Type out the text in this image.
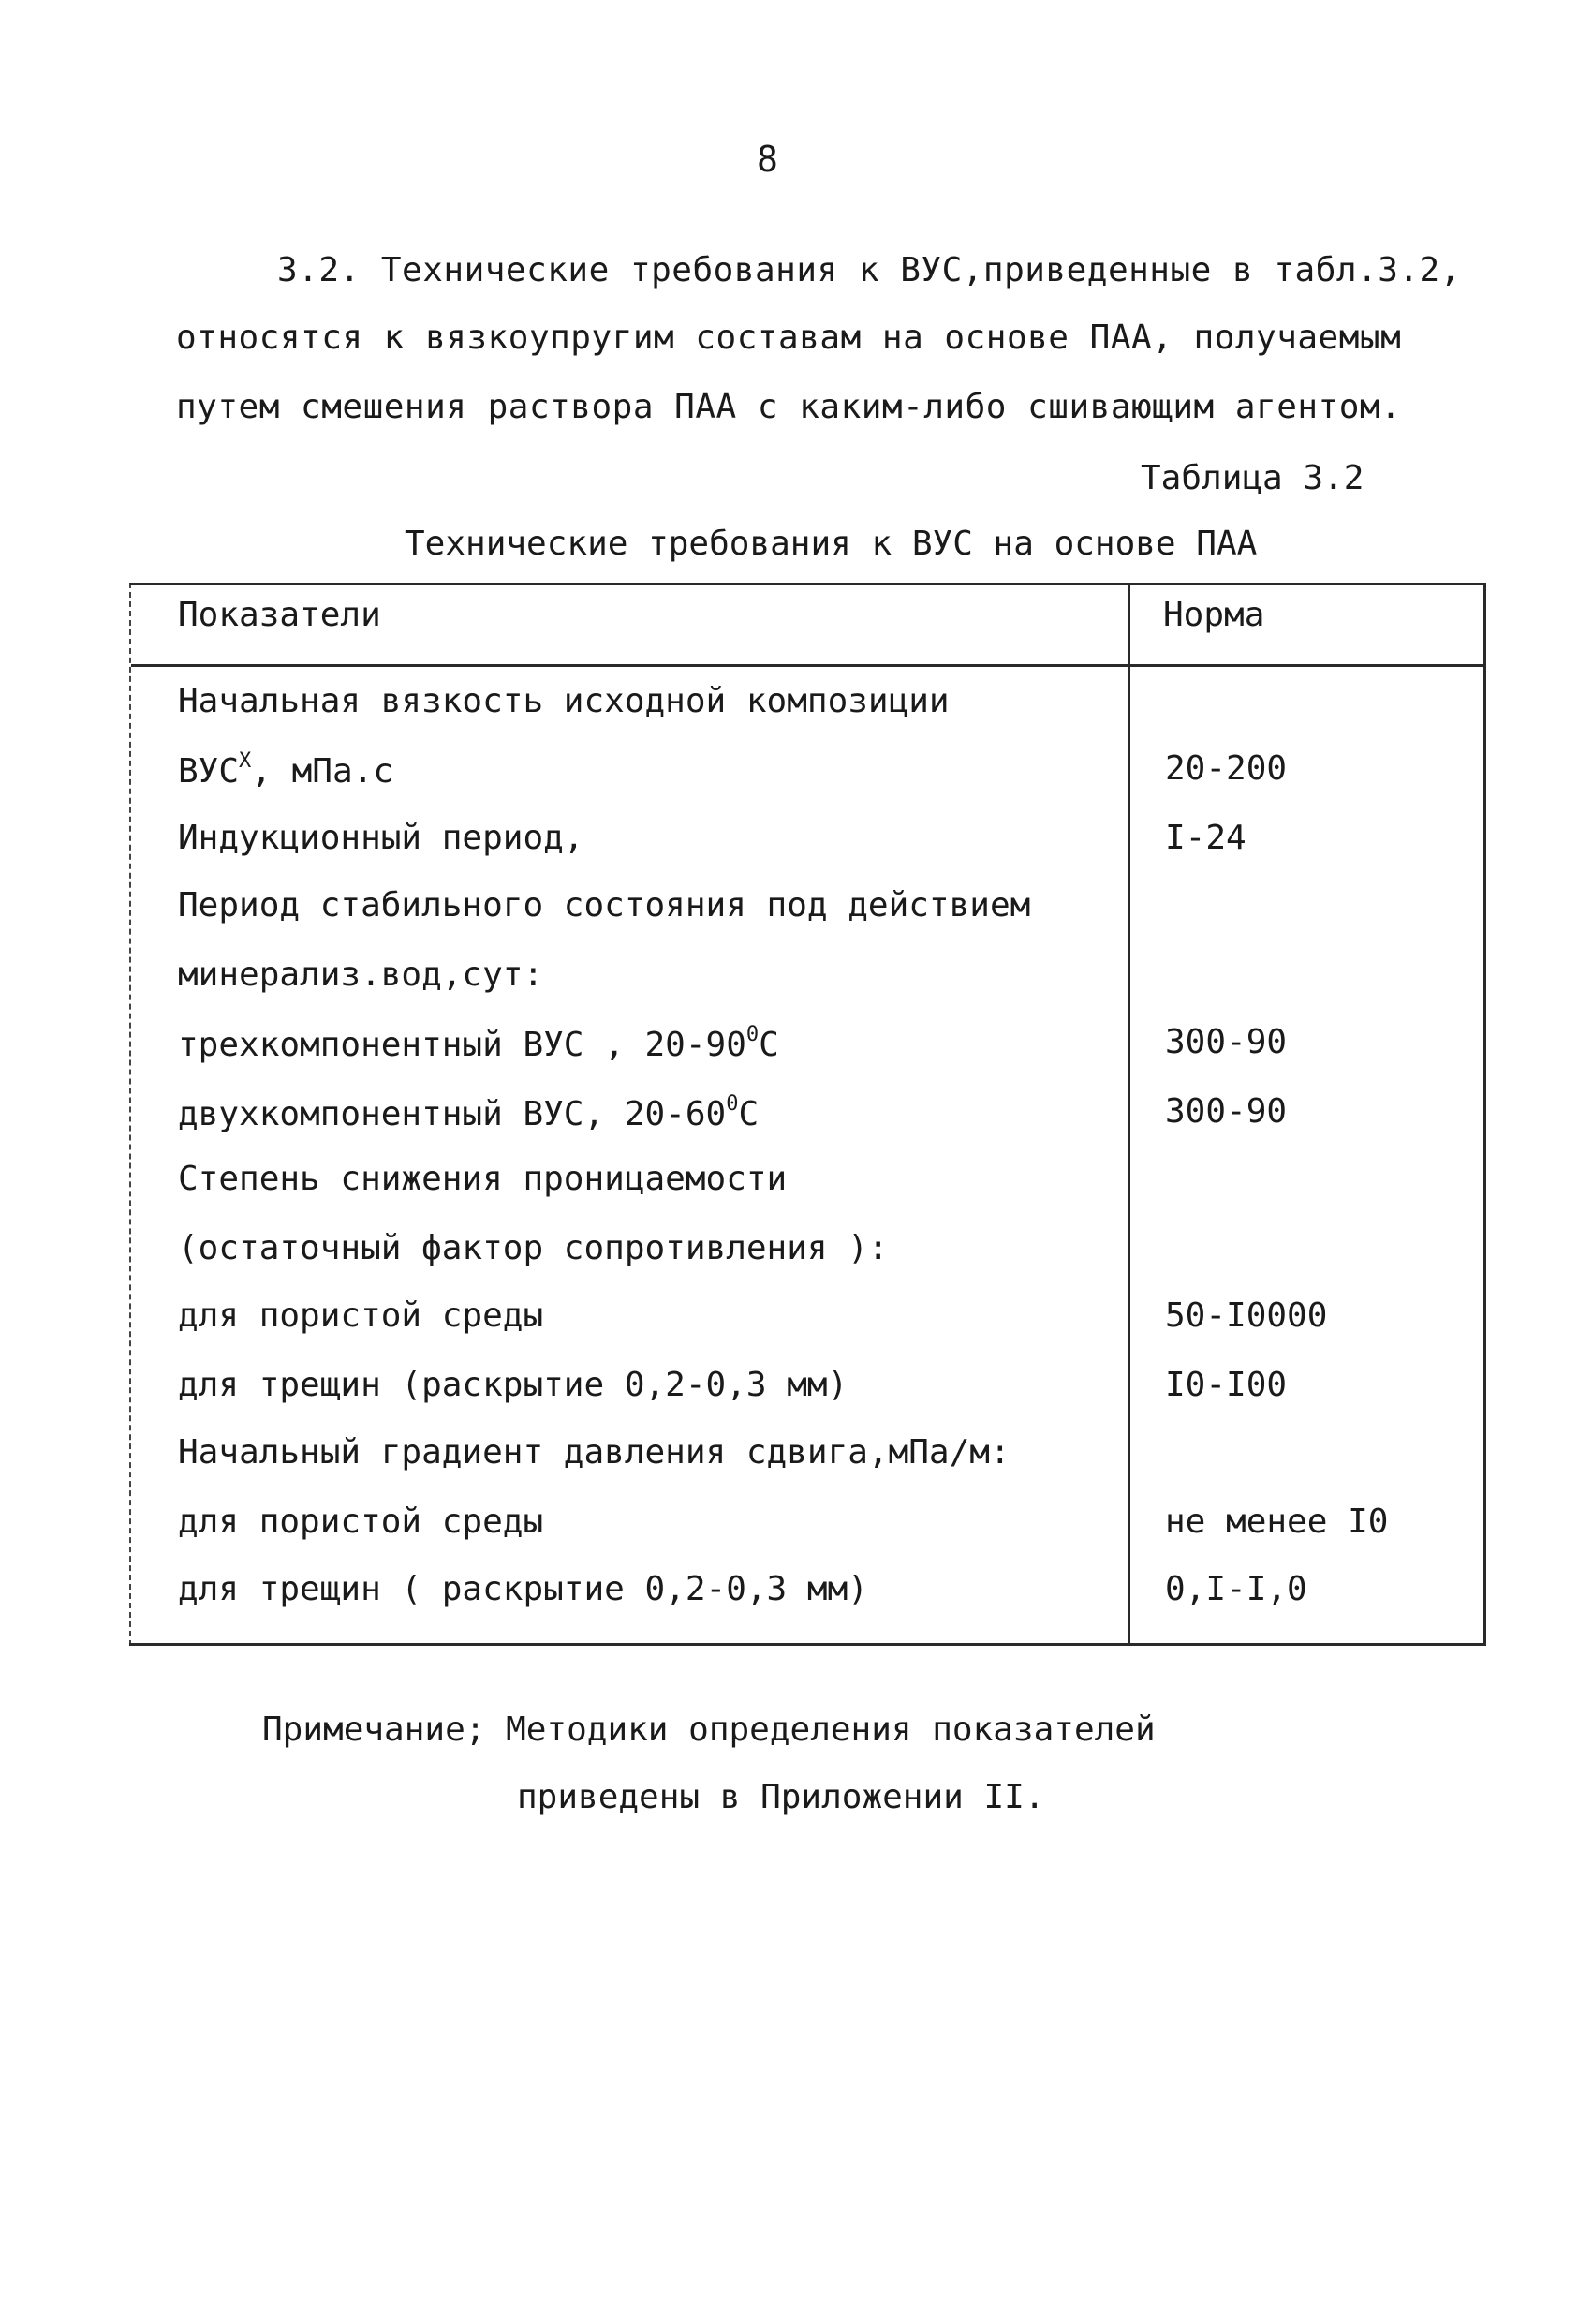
8
3.2. Технические требования к ВУС,приведенные в табл.3.2,
относятся к вязкоупругим составам на основе ПАА, получаемым
путем смешения раствора ПАА с каким-либо сшивающим агентом.
Таблица 3.2
Технические требования к ВУС на основе ПАА
Показатели	Норма
Начальная вязкость исходной композиции
$ВУС^X$, мПа.с	20-200
Индукционный период,	I-24
Период стабильного состояния под действием
минерализ.вод,сут:
трехкомпонентный ВУС , $20-90^0С$	300-90
двухкомпонентный ВУС, $20-60^0С$	300-90
Степень снижения проницаемости
(остаточный фактор сопротивления ):
для пористой среды	50-I0000
для трещин (раскрытие 0,2-0,3 мм)	I0-I00
Начальный градиент давления сдвига,мПа/м:
для пористой среды	не менее I0
для трещин ( раскрытие 0,2-0,3 мм)	0,I-I,0
Примечание; Методики определения показателей
приведены в Приложении II.
